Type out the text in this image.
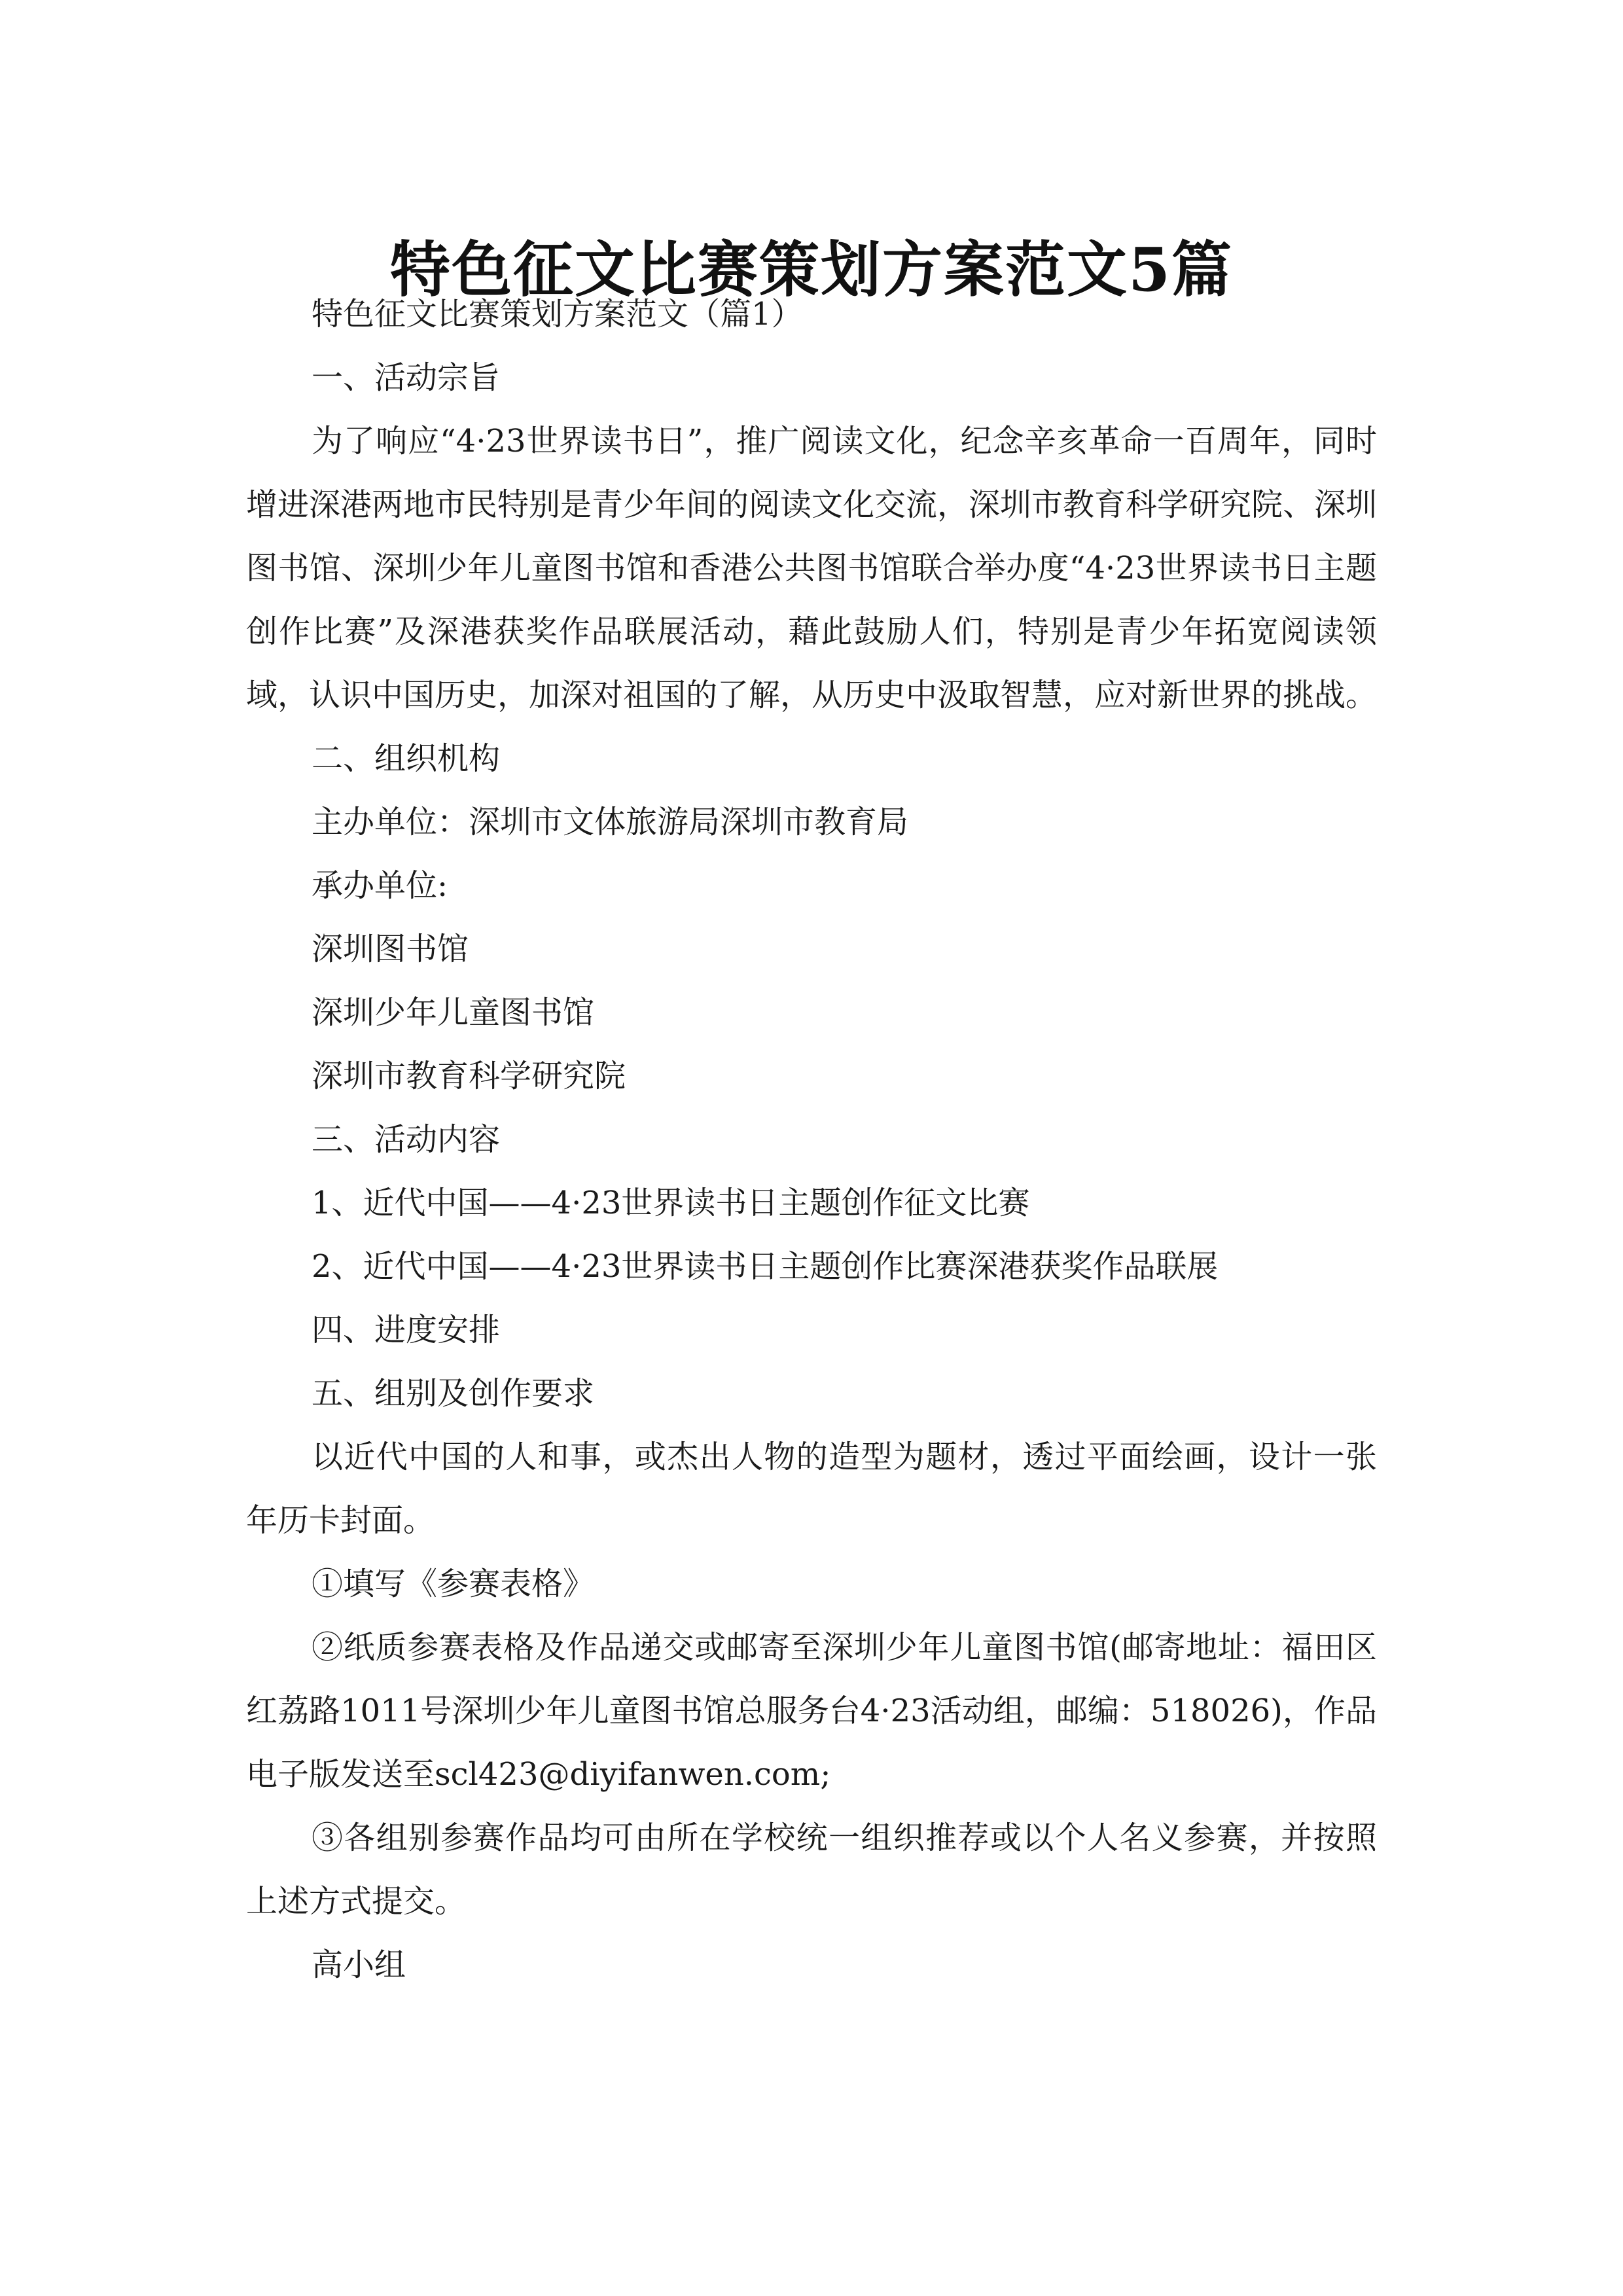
特色征文比赛策划方案范文5篇

特色征文比赛策划方案范文（篇1）

一、活动宗旨

为了响应“4·23世界读书日”，推广阅读文化，纪念辛亥革命一百周年，同时增进深港两地市民特别是青少年间的阅读文化交流，深圳市教育科学研究院、深圳图书馆、深圳少年儿童图书馆和香港公共图书馆联合举办度“4·23世界读书日主题创作比赛”及深港获奖作品联展活动，藉此鼓励人们，特别是青少年拓宽阅读领域，认识中国历史，加深对祖国的了解，从历史中汲取智慧，应对新世界的挑战。

二、组织机构

主办单位：深圳市文体旅游局深圳市教育局

承办单位:

深圳图书馆

深圳少年儿童图书馆

深圳市教育科学研究院

三、活动内容

1、近代中国——4·23世界读书日主题创作征文比赛

2、近代中国——4·23世界读书日主题创作比赛深港获奖作品联展

四、进度安排

五、组别及创作要求

以近代中国的人和事，或杰出人物的造型为题材，透过平面绘画，设计一张年历卡封面。

①填写《参赛表格》

②纸质参赛表格及作品递交或邮寄至深圳少年儿童图书馆(邮寄地址：福田区红荔路1011号深圳少年儿童图书馆总服务台4·23活动组，邮编：518026)，作品电子版发送至scl423@diyifanwen.com;

③各组别参赛作品均可由所在学校统一组织推荐或以个人名义参赛，并按照上述方式提交。

高小组
